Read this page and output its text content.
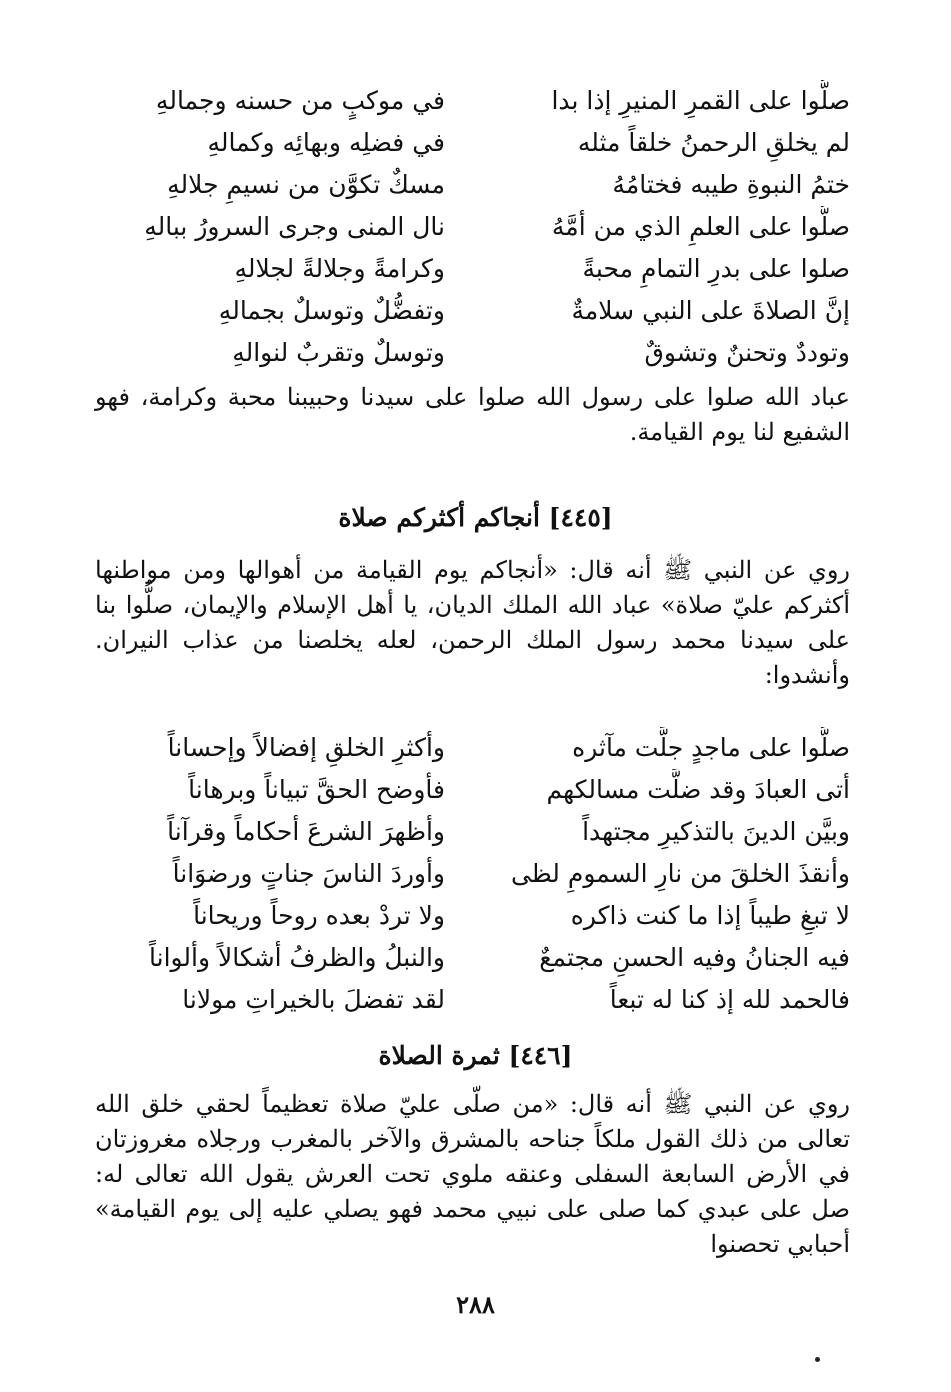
صلُّوا على القمرِ المنيرِ إذا بدا
في موكبٍ من حسنه وجمالهِ
لم يخلقِ الرحمنُ خلقاً مثله
في فضلِه وبهائِه وكمالهِ
ختمُ النبوةِ طيبه فختامُهُ
مسكٌ تكوَّن من نسيمِ جلالهِ
صلُّوا على العلمِ الذي من أمَّهُ
نال المنى وجرى السرورُ ببالهِ
صلوا على بدرِ التمامِ محبةً
وكرامةً وجلالةً لجلالهِ
إنَّ الصلاةَ على النبي سلامةٌ
وتفضُّلٌ وتوسلٌ بجمالهِ
وتوددٌ وتحننٌ وتشوقٌ
وتوسلٌ وتقربٌ لنوالهِ

عباد الله صلوا على رسول الله صلوا على سيدنا وحبيبنا محبة وكرامة، فهو الشفيع لنا يوم القيامة.

[٤٤٥] أنجاكم أكثركم صلاة

روي عن النبي ﷺ أنه قال: «أنجاكم يوم القيامة من أهوالها ومن مواطنها أكثركم عليّ صلاة» عباد الله الملك الديان، يا أهل الإسلام والإيمان، صلُّوا بنا على سيدنا محمد رسول الملك الرحمن، لعله يخلصنا من عذاب النيران. وأنشدوا:

صلُّوا على ماجدٍ جلَّت مآثره
وأكثرِ الخلقِ إفضالاً وإحساناً
أتى العبادَ وقد ضلَّت مسالكهم
فأوضح الحقَّ تبياناً وبرهاناً
وبيَّن الدينَ بالتذكيرِ مجتهداً
وأظهرَ الشرعَ أحكاماً وقرآناً
وأنقذَ الخلقَ من نارِ السمومِ لظى
وأوردَ الناسَ جناتٍ ورضوَاناً
لا تبغِ طيباً إذا ما كنت ذاكره
ولا تردْ بعده روحاً وريحاناً
فيه الجنانُ وفيه الحسنِ مجتمعٌ
والنبلُ والظرفُ أشكالاً وألواناً
فالحمد لله إذ كنا له تبعاً
لقد تفضلَ بالخيراتِ مولانا
[٤٤٦] ثمرة الصلاة

روي عن النبي ﷺ أنه قال: «من صلّى عليّ صلاة تعظيماً لحقي خلق الله تعالى من ذلك القول ملكاً جناحه بالمشرق والآخر بالمغرب ورجلاه مغروزتان في الأرض السابعة السفلى وعنقه ملوي تحت العرش يقول الله تعالى له: صل على عبدي كما صلى على نبيي محمد فهو يصلي عليه إلى يوم القيامة» أحبابي تحصنوا

٢٨٨
